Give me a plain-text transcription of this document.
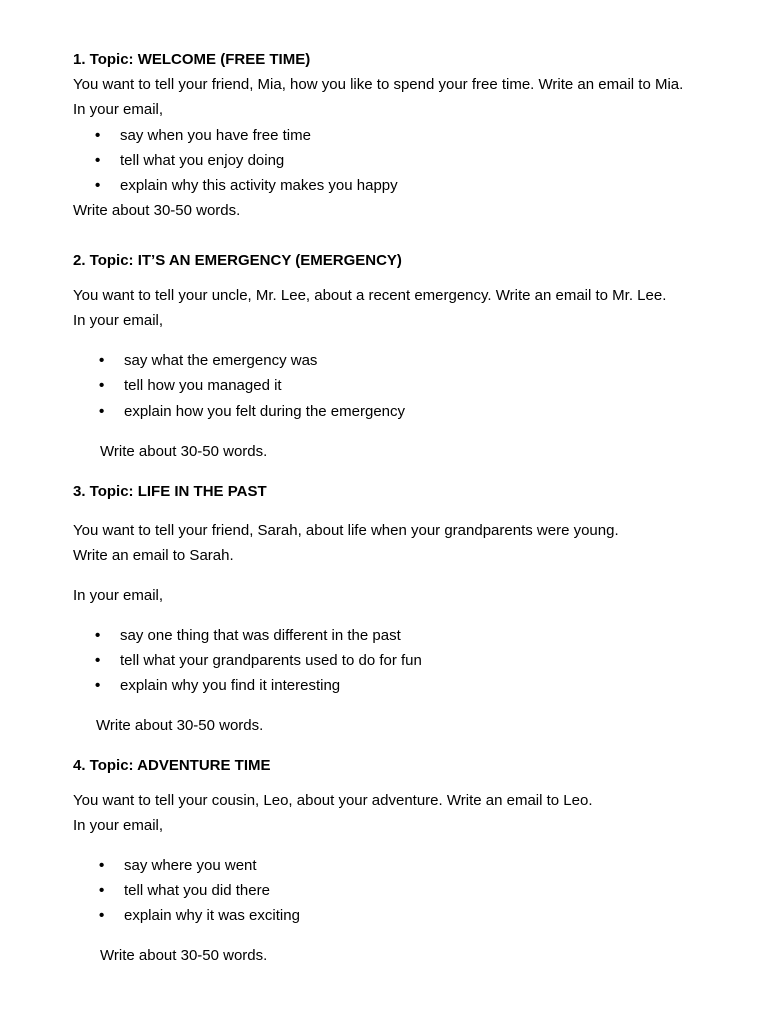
1. Topic: WELCOME (FREE TIME)
You want to tell your friend, Mia, how you like to spend your free time. Write an email to Mia.
In your email,
• say when you have free time
• tell what you enjoy doing
• explain why this activity makes you happy
Write about 30-50 words.
2. Topic: IT’S AN EMERGENCY (EMERGENCY)
You want to tell your uncle, Mr. Lee, about a recent emergency. Write an email to Mr. Lee.
In your email,
• say what the emergency was
• tell how you managed it
• explain how you felt during the emergency
Write about 30-50 words.
3. Topic: LIFE IN THE PAST
You want to tell your friend, Sarah, about life when your grandparents were young.
Write an email to Sarah.
In your email,
• say one thing that was different in the past
• tell what your grandparents used to do for fun
• explain why you find it interesting
Write about 30-50 words.
4. Topic: ADVENTURE TIME
You want to tell your cousin, Leo, about your adventure. Write an email to Leo.
In your email,
• say where you went
• tell what you did there
• explain why it was exciting
Write about 30-50 words.
